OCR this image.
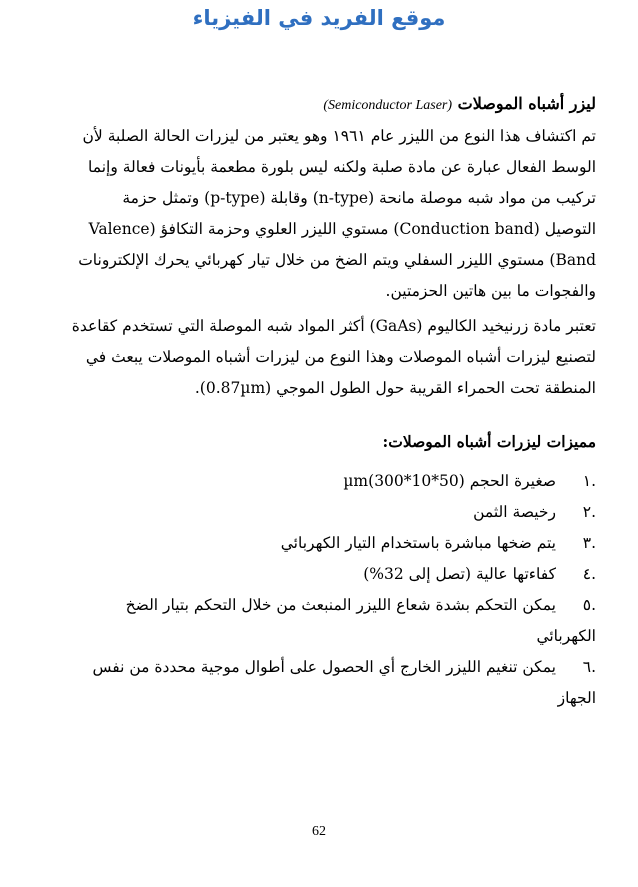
موقع الفريد في الفيزياء
ليزر أشباه الموصلات (Semiconductor Laser)
تم اكتشاف هذا النوع من الليزر عام ١٩٦١ وهو يعتبر من ليزرات الحالة الصلبة لأن
الوسط الفعال عبارة عن مادة صلبة ولكنه ليس بلورة مطعمة بأيونات فعالة وإنما
تركيب من مواد شبه موصلة مانحة (n-type) وقابلة (p-type) وتمثل حزمة
التوصيل (Conduction band) مستوي الليزر العلوي وحزمة التكافؤ (Valence
Band) مستوي الليزر السفلي ويتم الضخ من خلال تيار كهربائي يحرك الإلكترونات
والفجوات ما بين هاتين الحزمتين.
تعتبر مادة زرنيخيد الكاليوم (GaAs) أكثر المواد شبه الموصلة التي تستخدم كقاعدة
لتصنيع ليزرات أشباه الموصلات وهذا النوع من ليزرات أشباه الموصلات يبعث في
المنطقة تحت الحمراء القريبة حول الطول الموجي (0.87µm).
مميزات ليزرات أشباه الموصلات:
.١
صغيرة الحجم (50*10*300)µm
.٢
رخيصة الثمن
.٣
يتم ضخها مباشرة باستخدام التيار الكهربائي
.٤
كفاءتها عالية (تصل إلى 32%)
.٥
يمكن التحكم بشدة شعاع الليزر المنبعث من خلال التحكم بتيار الضخ
الكهربائي
.٦
يمكن تنغيم الليزر الخارج أي الحصول على أطوال موجية محددة من نفس
الجهاز
62
